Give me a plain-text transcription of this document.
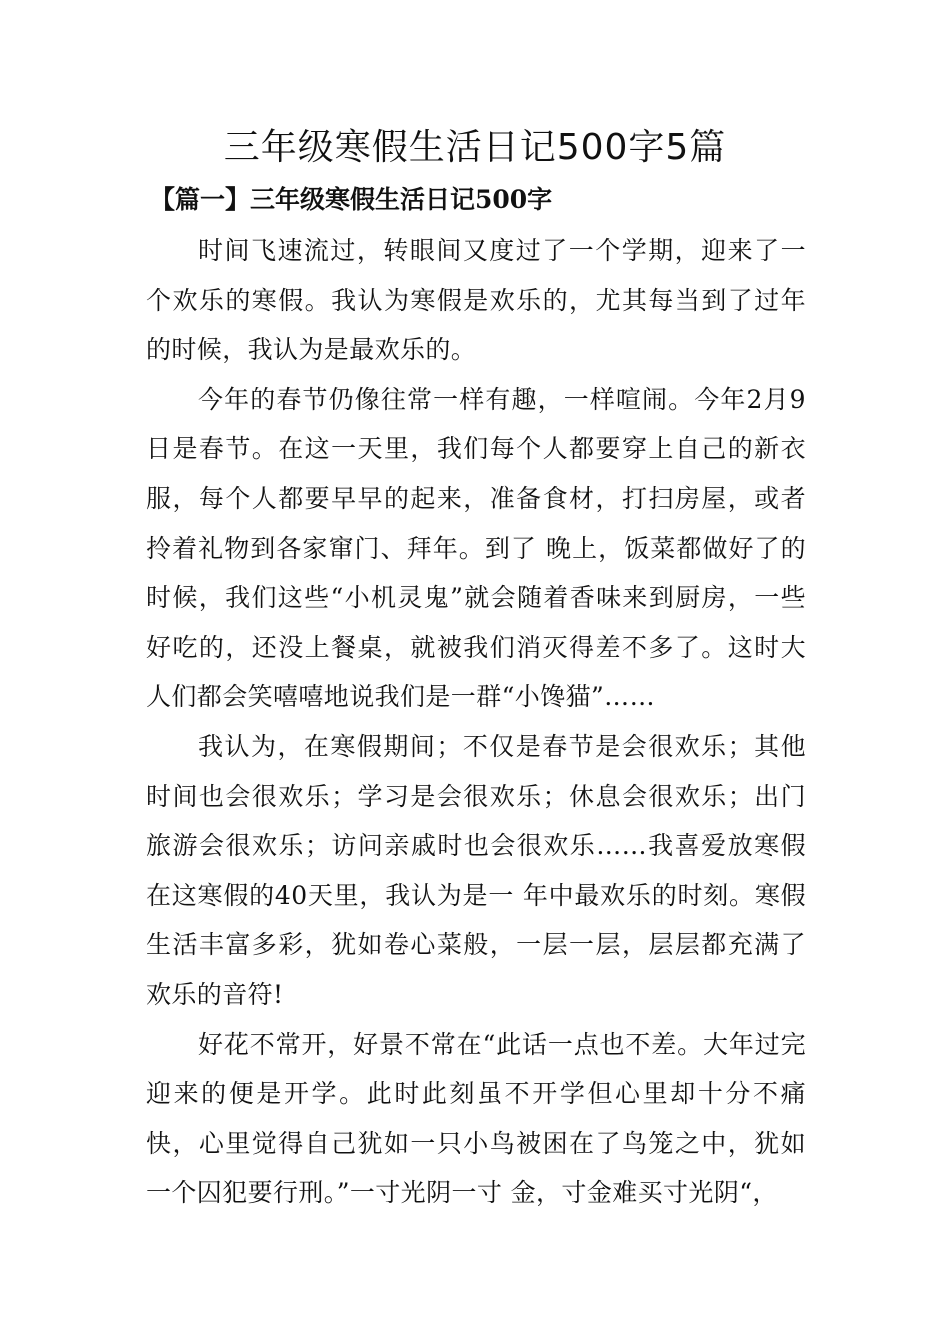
三年级寒假生活日记500字5篇
【篇一】三年级寒假生活日记500字

时间飞速流过，转眼间又度过了一个学期，迎来了一个欢乐的寒假。我认为寒假是欢乐的，尤其每当到了过年的时候，我认为是最欢乐的。

今年的春节仍像往常一样有趣，一样喧闹。今年2月9日是春节。在这一天里，我们每个人都要穿上自己的新衣服，每个人都要早早的起来，准备食材，打扫房屋，或者拎着礼物到各家窜门、拜年。到了 晚上，饭菜都做好了的时候，我们这些“小机灵鬼”就会随着香味来到厨房，一些好吃的，还没上餐桌，就被我们消灭得差不多了。这时大人们都会笑嘻嘻地说我们是一群“小馋猫”……

我认为，在寒假期间；不仅是春节是会很欢乐；其他时间也会很欢乐；学习是会很欢乐；休息会很欢乐；出门旅游会很欢乐；访问亲戚时也会很欢乐……我喜爱放寒假在这寒假的40天里，我认为是一 年中最欢乐的时刻。寒假生活丰富多彩，犹如卷心菜般，一层一层，层层都充满了欢乐的音符!

好花不常开，好景不常在“此话一点也不差。大年过完迎来的便是开学。此时此刻虽不开学但心里却十分不痛快，心里觉得自己犹如一只小鸟被困在了鸟笼之中，犹如一个囚犯要行刑。”一寸光阴一寸 金，寸金难买寸光阴“，
